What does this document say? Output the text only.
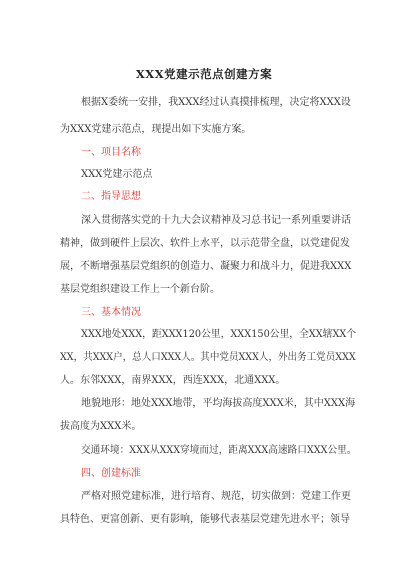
XXX党建示范点创建方案
根据X委统一安排，我XXX经过认真摸排梳理，决定将XXX设
为XXX党建示范点，现提出如下实施方案。
一、项目名称
XXX党建示范点
二、指导思想
深入贯彻落实党的十九大会议精神及习总书记一系列重要讲话
精神，做到硬件上层次、软件上水平，以示范带全盘，以党建促发
展，不断增强基层党组织的创造力、凝聚力和战斗力，促进我XXX
基层党组织建设工作上一个新台阶。
三、基本情况
XXX地处XXX，距XXX120公里，XXX150公里，全XX辖XX个
XX，共XXX户，总人口XXX人。其中党员XXX人，外出务工党员XXX
人。东邻XXX，南界XXX，西连XXX，北通XXX。
地貌地形：地处XXX地带，平均海拔高度XXX米，其中XXX海
拔高度为XXX米。
交通环境：XXX从XXX穿境而过，距离XXX高速路口XXX公里。
四、创建标准
严格对照党建标准，进行培育、规范，切实做到：党建工作更
具特色、更富创新、更有影响，能够代表基层党建先进水平；领导
